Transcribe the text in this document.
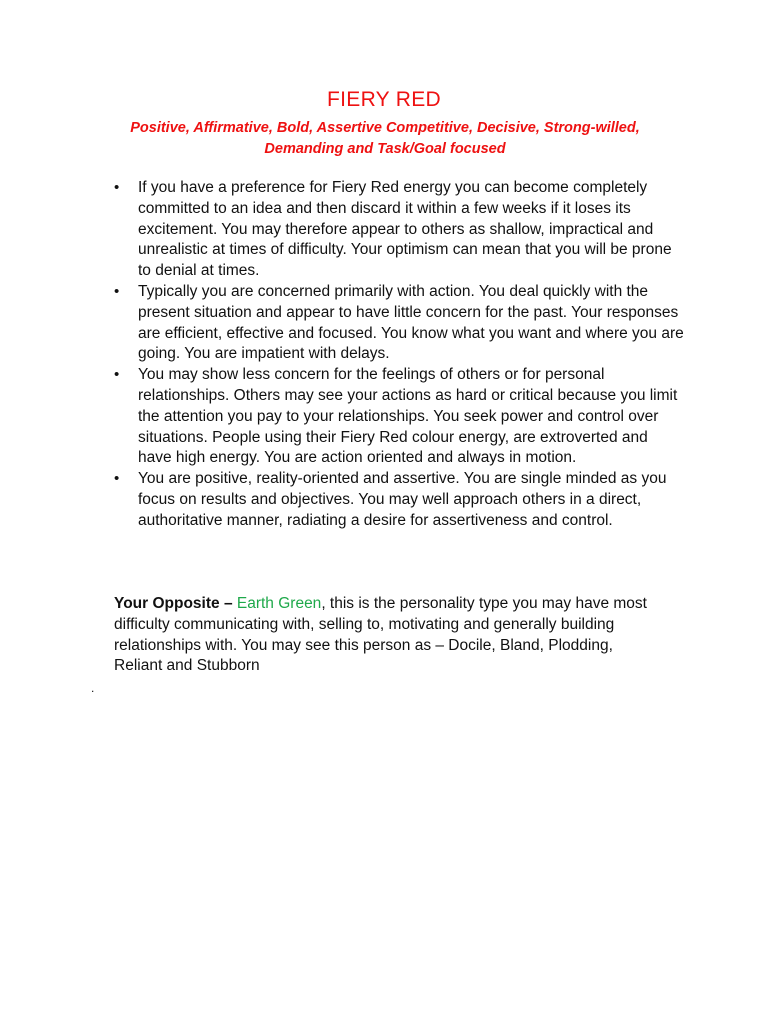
FIERY RED
Positive, Affirmative, Bold, Assertive Competitive, Decisive, Strong-willed, Demanding and Task/Goal focused
• If you have a preference for Fiery Red energy you can become completely committed to an idea and then discard it within a few weeks if it loses its excitement. You may therefore appear to others as shallow, impractical and unrealistic at times of difficulty. Your optimism can mean that you will be prone to denial at times.
• Typically you are concerned primarily with action. You deal quickly with the present situation and appear to have little concern for the past. Your responses are efficient, effective and focused. You know what you want and where you are going. You are impatient with delays.
• You may show less concern for the feelings of others or for personal relationships. Others may see your actions as hard or critical because you limit the attention you pay to your relationships. You seek power and control over situations. People using their Fiery Red colour energy, are extroverted and have high energy. You are action oriented and always in motion.
• You are positive, reality-oriented and assertive. You are single minded as you focus on results and objectives. You may well approach others in a direct, authoritative manner, radiating a desire for assertiveness and control.

Your Opposite – Earth Green, this is the personality type you may have most difficulty communicating with, selling to, motivating and generally building relationships with. You may see this person as – Docile, Bland, Plodding, Reliant and Stubborn

.
